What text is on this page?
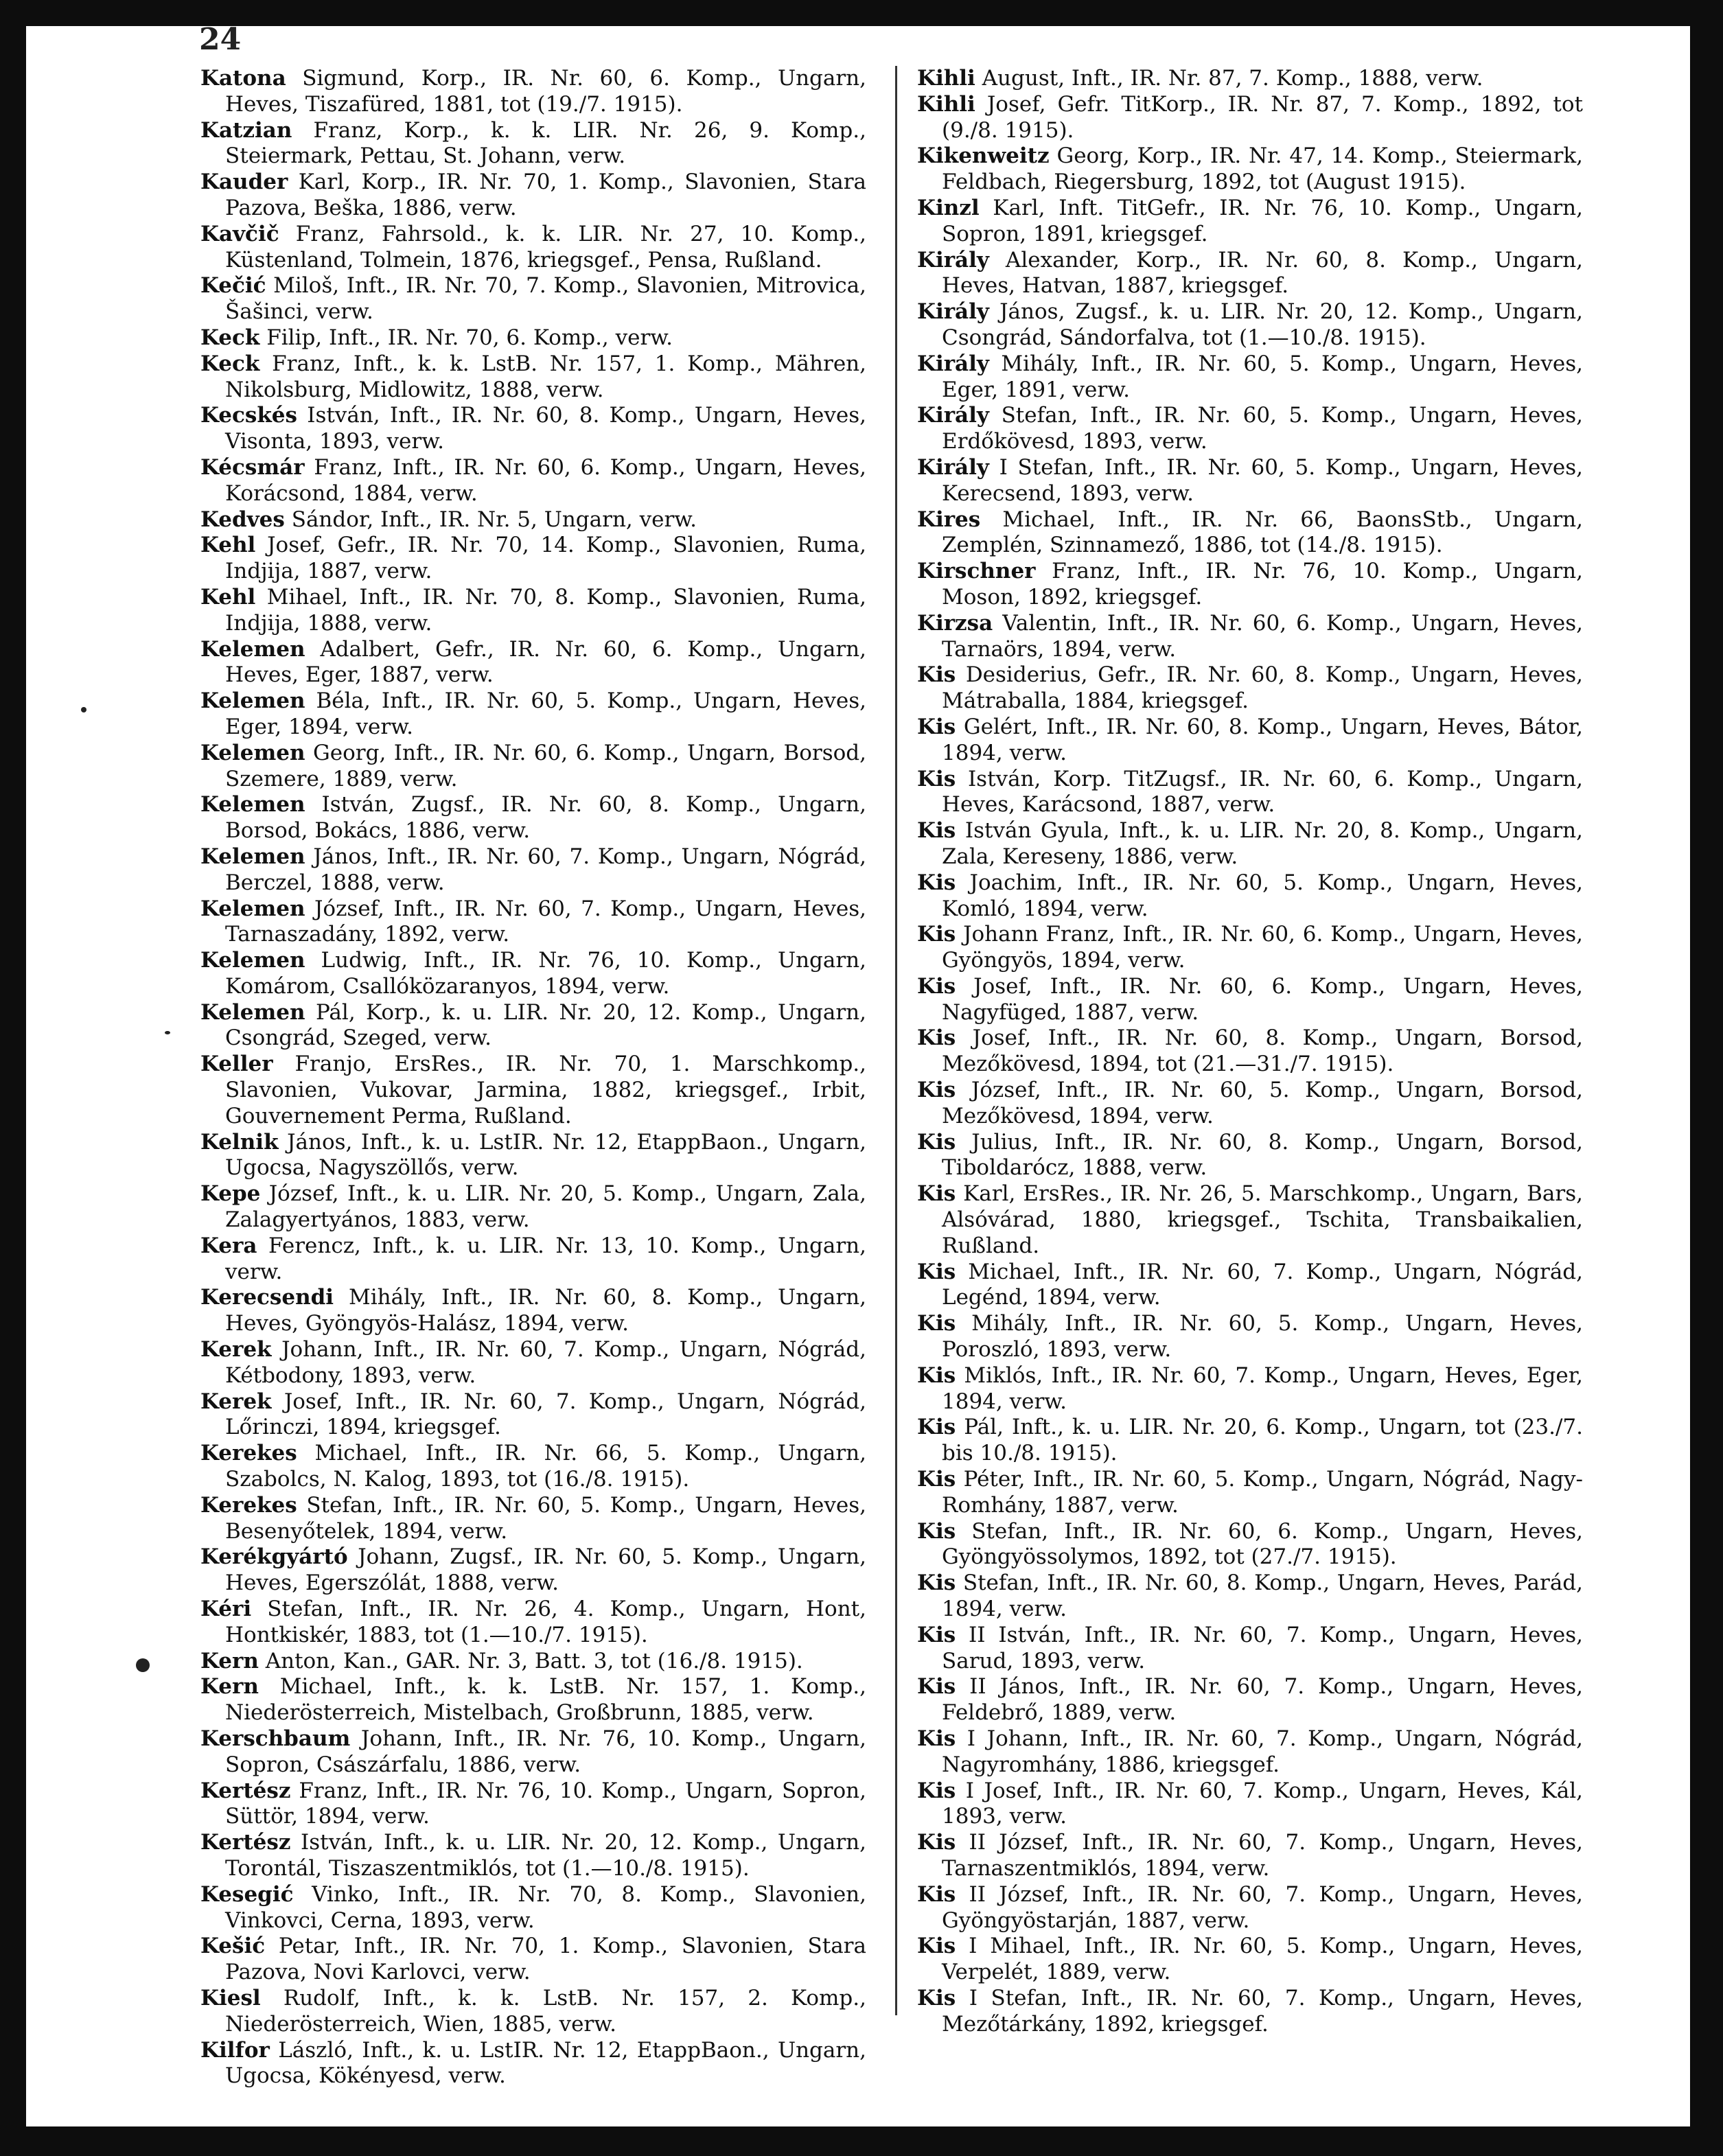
24

Katona Sigmund, Korp., IR. Nr. 60, 6. Komp., Ungarn, Heves, Tiszafüred, 1881, tot (19./7. 1915).

Katzian Franz, Korp., k. k. LIR. Nr. 26, 9. Komp., Steiermark, Pettau, St. Johann, verw.

Kauder Karl, Korp., IR. Nr. 70, 1. Komp., Slavonien, Stara Pazova, Beška, 1886, verw.

Kavčič Franz, Fahrsold., k. k. LIR. Nr. 27, 10. Komp., Küstenland, Tolmein, 1876, kriegsgef., Pensa, Rußland.

Kečić Miloš, Inft., IR. Nr. 70, 7. Komp., Slavonien, Mitrovica, Šašinci, verw.

Keck Filip, Inft., IR. Nr. 70, 6. Komp., verw.

Keck Franz, Inft., k. k. LstB. Nr. 157, 1. Komp., Mähren, Nikolsburg, Midlowitz, 1888, verw.

Kecskés István, Inft., IR. Nr. 60, 8. Komp., Ungarn, Heves, Visonta, 1893, verw.

Kécsmár Franz, Inft., IR. Nr. 60, 6. Komp., Ungarn, Heves, Korácsond, 1884, verw.

Kedves Sándor, Inft., IR. Nr. 5, Ungarn, verw.

Kehl Josef, Gefr., IR. Nr. 70, 14. Komp., Slavonien, Ruma, Indjija, 1887, verw.

Kehl Mihael, Inft., IR. Nr. 70, 8. Komp., Slavonien, Ruma, Indjija, 1888, verw.

Kelemen Adalbert, Gefr., IR. Nr. 60, 6. Komp., Ungarn, Heves, Eger, 1887, verw.

Kelemen Béla, Inft., IR. Nr. 60, 5. Komp., Ungarn, Heves, Eger, 1894, verw.

Kelemen Georg, Inft., IR. Nr. 60, 6. Komp., Ungarn, Borsod, Szemere, 1889, verw.

Kelemen István, Zugsf., IR. Nr. 60, 8. Komp., Ungarn, Borsod, Bokács, 1886, verw.

Kelemen János, Inft., IR. Nr. 60, 7. Komp., Ungarn, Nógrád, Berczel, 1888, verw.

Kelemen József, Inft., IR. Nr. 60, 7. Komp., Ungarn, Heves, Tarnaszadány, 1892, verw.

Kelemen Ludwig, Inft., IR. Nr. 76, 10. Komp., Ungarn, Komárom, Csallóközaranyos, 1894, verw.

Kelemen Pál, Korp., k. u. LIR. Nr. 20, 12. Komp., Ungarn, Csongrád, Szeged, verw.

Keller Franjo, ErsRes., IR. Nr. 70, 1. Marschkomp., Slavonien, Vukovar, Jarmina, 1882, kriegsgef., Irbit, Gouvernement Perma, Rußland.

Kelnik János, Inft., k. u. LstIR. Nr. 12, EtappBaon., Ungarn, Ugocsa, Nagyszöllős, verw.

Kepe József, Inft., k. u. LIR. Nr. 20, 5. Komp., Ungarn, Zala, Zalagyertyános, 1883, verw.

Kera Ferencz, Inft., k. u. LIR. Nr. 13, 10. Komp., Ungarn, verw.

Kerecsendi Mihály, Inft., IR. Nr. 60, 8. Komp., Ungarn, Heves, Gyöngyös-Halász, 1894, verw.

Kerek Johann, Inft., IR. Nr. 60, 7. Komp., Ungarn, Nógrád, Kétbodony, 1893, verw.

Kerek Josef, Inft., IR. Nr. 60, 7. Komp., Ungarn, Nógrád, Lőrinczi, 1894, kriegsgef.

Kerekes Michael, Inft., IR. Nr. 66, 5. Komp., Ungarn, Szabolcs, N. Kalog, 1893, tot (16./8. 1915).

Kerekes Stefan, Inft., IR. Nr. 60, 5. Komp., Ungarn, Heves, Besenyőtelek, 1894, verw.

Kerékgyártó Johann, Zugsf., IR. Nr. 60, 5. Komp., Ungarn, Heves, Egerszólát, 1888, verw.

Kéri Stefan, Inft., IR. Nr. 26, 4. Komp., Ungarn, Hont, Hontkiskér, 1883, tot (1.—10./7. 1915).

Kern Anton, Kan., GAR. Nr. 3, Batt. 3, tot (16./8. 1915).

Kern Michael, Inft., k. k. LstB. Nr. 157, 1. Komp., Niederösterreich, Mistelbach, Großbrunn, 1885, verw.

Kerschbaum Johann, Inft., IR. Nr. 76, 10. Komp., Ungarn, Sopron, Császárfalu, 1886, verw.

Kertész Franz, Inft., IR. Nr. 76, 10. Komp., Ungarn, Sopron, Süttör, 1894, verw.

Kertész István, Inft., k. u. LIR. Nr. 20, 12. Komp., Ungarn, Torontál, Tiszaszentmiklós, tot (1.—10./8. 1915).

Kesegić Vinko, Inft., IR. Nr. 70, 8. Komp., Slavonien, Vinkovci, Cerna, 1893, verw.

Kešić Petar, Inft., IR. Nr. 70, 1. Komp., Slavonien, Stara Pazova, Novi Karlovci, verw.

Kiesl Rudolf, Inft., k. k. LstB. Nr. 157, 2. Komp., Niederösterreich, Wien, 1885, verw.

Kilfor László, Inft., k. u. LstIR. Nr. 12, EtappBaon., Ungarn, Ugocsa, Kökényesd, verw.

Kihli August, Inft., IR. Nr. 87, 7. Komp., 1888, verw.

Kihli Josef, Gefr. TitKorp., IR. Nr. 87, 7. Komp., 1892, tot (9./8. 1915).

Kikenweitz Georg, Korp., IR. Nr. 47, 14. Komp., Steiermark, Feldbach, Riegersburg, 1892, tot (August 1915).

Kinzl Karl, Inft. TitGefr., IR. Nr. 76, 10. Komp., Ungarn, Sopron, 1891, kriegsgef.

Király Alexander, Korp., IR. Nr. 60, 8. Komp., Ungarn, Heves, Hatvan, 1887, kriegsgef.

Király János, Zugsf., k. u. LIR. Nr. 20, 12. Komp., Ungarn, Csongrád, Sándorfalva, tot (1.—10./8. 1915).

Király Mihály, Inft., IR. Nr. 60, 5. Komp., Ungarn, Heves, Eger, 1891, verw.

Király Stefan, Inft., IR. Nr. 60, 5. Komp., Ungarn, Heves, Erdőkövesd, 1893, verw.

Király I Stefan, Inft., IR. Nr. 60, 5. Komp., Ungarn, Heves, Kerecsend, 1893, verw.

Kires Michael, Inft., IR. Nr. 66, BaonsStb., Ungarn, Zemplén, Szinnamező, 1886, tot (14./8. 1915).

Kirschner Franz, Inft., IR. Nr. 76, 10. Komp., Ungarn, Moson, 1892, kriegsgef.

Kirzsa Valentin, Inft., IR. Nr. 60, 6. Komp., Ungarn, Heves, Tarnaörs, 1894, verw.

Kis Desiderius, Gefr., IR. Nr. 60, 8. Komp., Ungarn, Heves, Mátraballa, 1884, kriegsgef.

Kis Gelért, Inft., IR. Nr. 60, 8. Komp., Ungarn, Heves, Bátor, 1894, verw.

Kis István, Korp. TitZugsf., IR. Nr. 60, 6. Komp., Ungarn, Heves, Karácsond, 1887, verw.

Kis István Gyula, Inft., k. u. LIR. Nr. 20, 8. Komp., Ungarn, Zala, Kereseny, 1886, verw.

Kis Joachim, Inft., IR. Nr. 60, 5. Komp., Ungarn, Heves, Komló, 1894, verw.

Kis Johann Franz, Inft., IR. Nr. 60, 6. Komp., Ungarn, Heves, Gyöngyös, 1894, verw.

Kis Josef, Inft., IR. Nr. 60, 6. Komp., Ungarn, Heves, Nagyfüged, 1887, verw.

Kis Josef, Inft., IR. Nr. 60, 8. Komp., Ungarn, Borsod, Mezőkövesd, 1894, tot (21.—31./7. 1915).

Kis József, Inft., IR. Nr. 60, 5. Komp., Ungarn, Borsod, Mezőkövesd, 1894, verw.

Kis Julius, Inft., IR. Nr. 60, 8. Komp., Ungarn, Borsod, Tiboldarócz, 1888, verw.

Kis Karl, ErsRes., IR. Nr. 26, 5. Marschkomp., Ungarn, Bars, Alsóvárad, 1880, kriegsgef., Tschita, Transbaikalien, Rußland.

Kis Michael, Inft., IR. Nr. 60, 7. Komp., Ungarn, Nógrád, Legénd, 1894, verw.

Kis Mihály, Inft., IR. Nr. 60, 5. Komp., Ungarn, Heves, Poroszló, 1893, verw.

Kis Miklós, Inft., IR. Nr. 60, 7. Komp., Ungarn, Heves, Eger, 1894, verw.

Kis Pál, Inft., k. u. LIR. Nr. 20, 6. Komp., Ungarn, tot (23./7. bis 10./8. 1915).

Kis Péter, Inft., IR. Nr. 60, 5. Komp., Ungarn, Nógrád, Nagy-Romhány, 1887, verw.

Kis Stefan, Inft., IR. Nr. 60, 6. Komp., Ungarn, Heves, Gyöngyössolymos, 1892, tot (27./7. 1915).

Kis Stefan, Inft., IR. Nr. 60, 8. Komp., Ungarn, Heves, Parád, 1894, verw.

Kis II István, Inft., IR. Nr. 60, 7. Komp., Ungarn, Heves, Sarud, 1893, verw.

Kis II János, Inft., IR. Nr. 60, 7. Komp., Ungarn, Heves, Feldebrő, 1889, verw.

Kis I Johann, Inft., IR. Nr. 60, 7. Komp., Ungarn, Nógrád, Nagyromhány, 1886, kriegsgef.

Kis I Josef, Inft., IR. Nr. 60, 7. Komp., Ungarn, Heves, Kál, 1893, verw.

Kis II József, Inft., IR. Nr. 60, 7. Komp., Ungarn, Heves, Tarnaszentmiklós, 1894, verw.

Kis II József, Inft., IR. Nr. 60, 7. Komp., Ungarn, Heves, Gyöngyöstarján, 1887, verw.

Kis I Mihael, Inft., IR. Nr. 60, 5. Komp., Ungarn, Heves, Verpelét, 1889, verw.

Kis I Stefan, Inft., IR. Nr. 60, 7. Komp., Ungarn, Heves, Mezőtárkány, 1892, kriegsgef.
